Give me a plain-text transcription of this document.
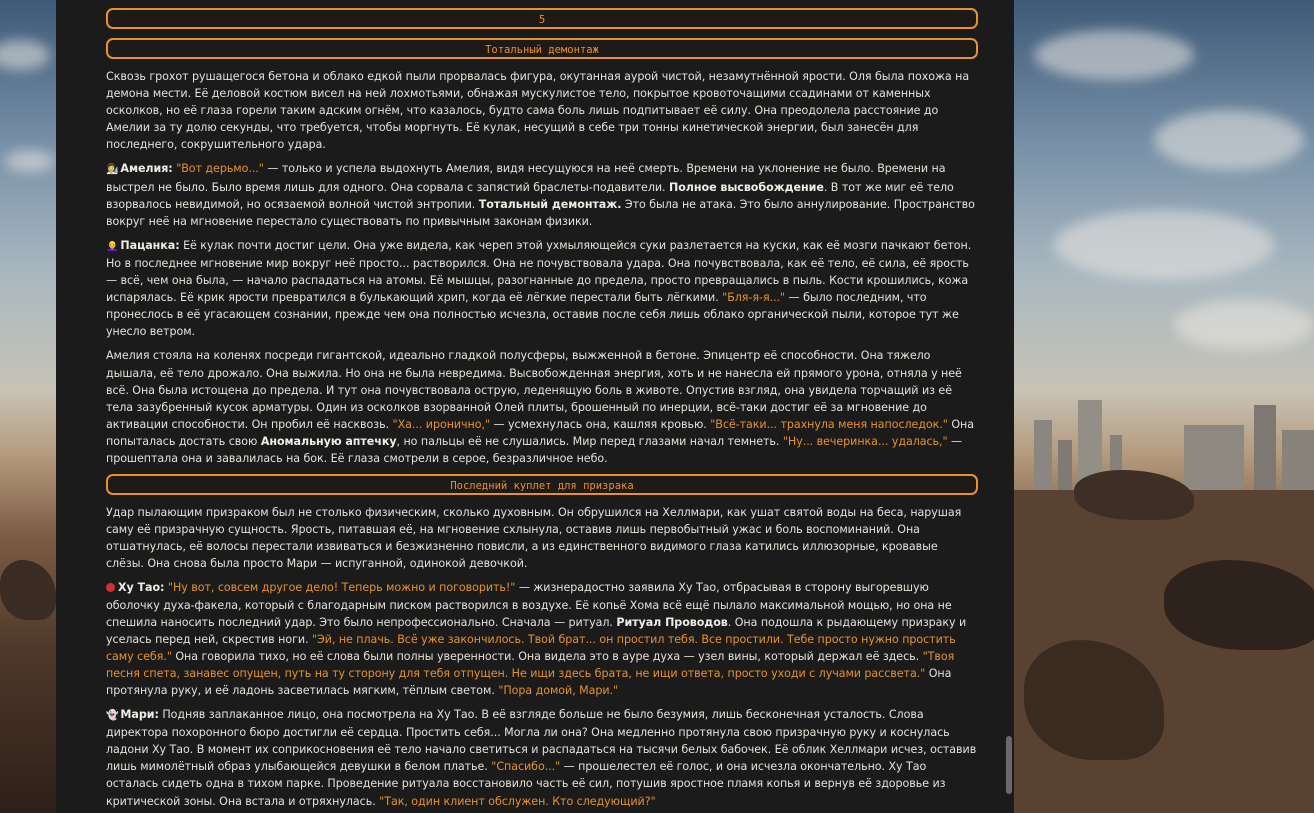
5
Тотальный демонтаж

Сквозь грохот рушащегося бетона и облако едкой пыли прорвалась фигура, окутанная аурой чистой, незамутнённой ярости. Оля была похожа на демона мести. Её деловой костюм висел на ней лохмотьями, обнажая мускулистое тело, покрытое кровоточащими ссадинами от каменных осколков, но её глаза горели таким адским огнём, что казалось, будто сама боль лишь подпитывает её силу. Она преодолела расстояние до Амелии за ту долю секунды, что требуется, чтобы моргнуть. Её кулак, несущий в себе три тонны кинетической энергии, был занесён для последнего, сокрушительного удара.

👩‍🔬 Амелия: "Вот дерьмо..." — только и успела выдохнуть Амелия, видя несущуюся на неё смерть. Времени на уклонение не было. Времени на выстрел не было. Было время лишь для одного. Она сорвала с запястий браслеты-подавители. Полное высвобождение. В тот же миг её тело взорвалось невидимой, но осязаемой волной чистой энтропии. Тотальный демонтаж. Это была не атака. Это было аннулирование. Пространство вокруг неё на мгновение перестало существовать по привычным законам физики.

👩‍🦲 Пацанка: Её кулак почти достиг цели. Она уже видела, как череп этой ухмыляющейся суки разлетается на куски, как её мозги пачкают бетон. Но в последнее мгновение мир вокруг неё просто... растворился. Она не почувствовала удара. Она почувствовала, как её тело, её сила, её ярость — всё, чем она была, — начало распадаться на атомы. Её мышцы, разогнанные до предела, просто превращались в пыль. Кости крошились, кожа испарялась. Её крик ярости превратился в булькающий хрип, когда её лёгкие перестали быть лёгкими. "Бля-я-я..." — было последним, что пронеслось в её угасающем сознании, прежде чем она полностью исчезла, оставив после себя лишь облако органической пыли, которое тут же унесло ветром.

Амелия стояла на коленях посреди гигантской, идеально гладкой полусферы, выжженной в бетоне. Эпицентр её способности. Она тяжело дышала, её тело дрожало. Она выжила. Но она не была невредима. Высвобожденная энергия, хоть и не нанесла ей прямого урона, отняла у неё всё. Она была истощена до предела. И тут она почувствовала острую, леденящую боль в животе. Опустив взгляд, она увидела торчащий из её тела зазубренный кусок арматуры. Один из осколков взорванной Олей плиты, брошенный по инерции, всё-таки достиг её за мгновение до активации способности. Он пробил её насквозь. "Ха... иронично," — усмехнулась она, кашляя кровью. "Всё-таки... трахнула меня напоследок." Она попыталась достать свою Аномальную аптечку, но пальцы её не слушались. Мир перед глазами начал темнеть. "Ну... вечеринка... удалась," — прошептала она и завалилась на бок. Её глаза смотрели в серое, безразличное небо.

Последний куплет для призрака

Удар пылающим призраком был не столько физическим, сколько духовным. Он обрушился на Хеллмари, как ушат святой воды на беса, нарушая саму её призрачную сущность. Ярость, питавшая её, на мгновение схлынула, оставив лишь первобытный ужас и боль воспоминаний. Она отшатнулась, её волосы перестали извиваться и безжизненно повисли, а из единственного видимого глаза катились иллюзорные, кровавые слёзы. Она снова была просто Мари — испуганной, одинокой девочкой.

Ху Тао: "Ну вот, совсем другое дело! Теперь можно и поговорить!" — жизнерадостно заявила Ху Тао, отбрасывая в сторону выгоревшую оболочку духа-факела, который с благодарным писком растворился в воздухе. Её копьё Хома всё ещё пылало максимальной мощью, но она не спешила наносить последний удар. Это было непрофессионально. Сначала — ритуал. Ритуал Проводов. Она подошла к рыдающему призраку и уселась перед ней, скрестив ноги. "Эй, не плачь. Всё уже закончилось. Твой брат... он простил тебя. Все простили. Тебе просто нужно простить саму себя." Она говорила тихо, но её слова были полны уверенности. Она видела это в ауре духа — узел вины, который держал её здесь. "Твоя песня спета, занавес опущен, путь на ту сторону для тебя отпущен. Не ищи здесь брата, не ищи ответа, просто уходи с лучами рассвета." Она протянула руку, и её ладонь засветилась мягким, тёплым светом. "Пора домой, Мари."

👻 Мари: Подняв заплаканное лицо, она посмотрела на Ху Тао. В её взгляде больше не было безумия, лишь бесконечная усталость. Слова директора похоронного бюро достигли её сердца. Простить себя... Могла ли она? Она медленно протянула свою призрачную руку и коснулась ладони Ху Тао. В момент их соприкосновения её тело начало светиться и распадаться на тысячи белых бабочек. Её облик Хеллмари исчез, оставив лишь мимолётный образ улыбающейся девушки в белом платье. "Спасибо..." — прошелестел её голос, и она исчезла окончательно. Ху Тао осталась сидеть одна в тихом парке. Проведение ритуала восстановило часть её сил, потушив яростное пламя копья и вернув её здоровье из критической зоны. Она встала и отряхнулась. "Так, один клиент обслужен. Кто следующий?"
